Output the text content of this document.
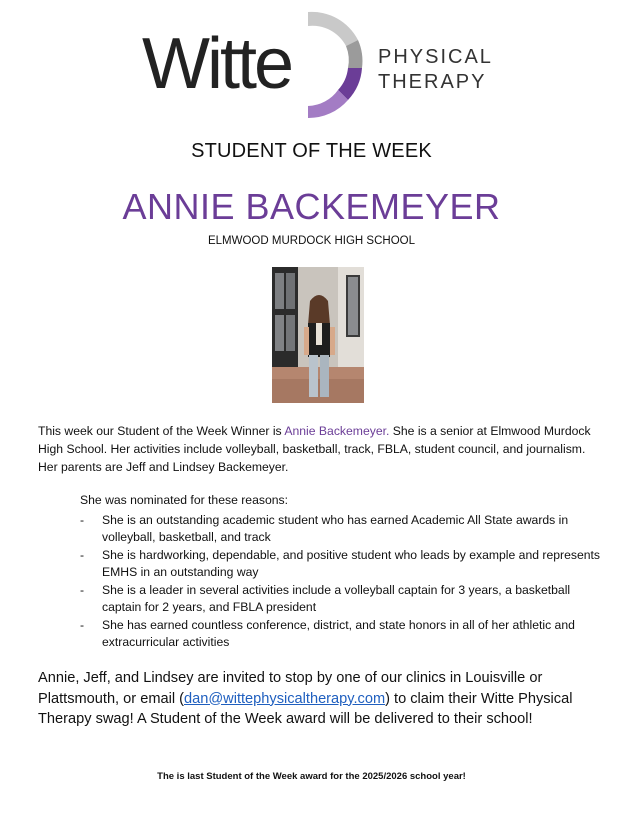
Witte	PHYSICAL
THERAPY
STUDENT OF THE WEEK
ANNIE BACKEMEYER
ELMWOOD MURDOCK HIGH SCHOOL
This week our Student of the Week Winner is Annie Backemeyer. She is a senior at Elmwood Murdock High School. Her activities include volleyball, basketball, track, FBLA, student council, and journalism. Her parents are Jeff and Lindsey Backemeyer.
She was nominated for these reasons:
- She is an outstanding academic student who has earned Academic All State awards in volleyball, basketball, and track
- She is hardworking, dependable, and positive student who leads by example and represents EMHS in an outstanding way
- She is a leader in several activities include a volleyball captain for 3 years, a basketball captain for 2 years, and FBLA president
- She has earned countless conference, district, and state honors in all of her athletic and extracurricular activities
Annie, Jeff, and Lindsey are invited to stop by one of our clinics in Louisville or Plattsmouth, or email (dan@wittephysicaltherapy.com) to claim their Witte Physical Therapy swag! A Student of the Week award will be delivered to their school!
The is last Student of the Week award for the 2025/2026 school year!
